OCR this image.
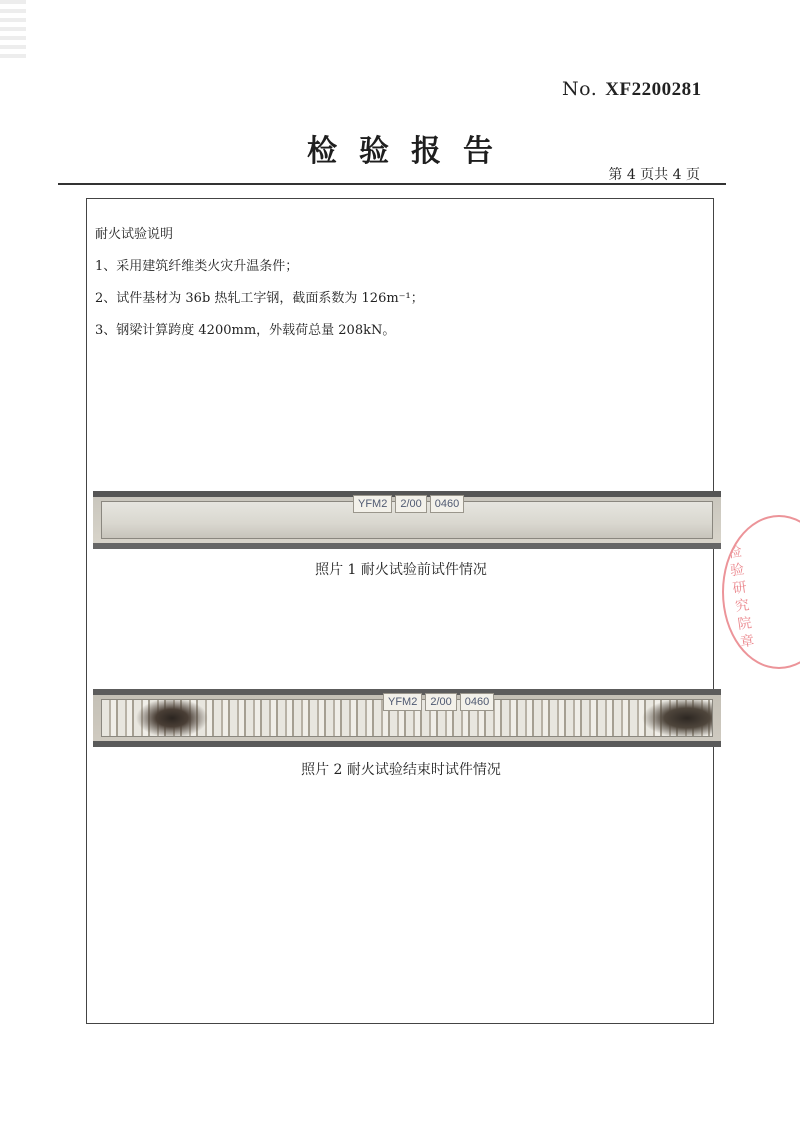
No. XF2200281
检验报告
第 4 页共 4 页
耐火试验说明
1、采用建筑纤维类火灾升温条件；
2、试件基材为 36b 热轧工字钢，截面系数为 126m⁻¹；
3、钢梁计算跨度 4200mm，外载荷总量 208kN。
YFM2	2/00	0460
照片 1 耐火试验前试件情况
YFM2	2/00	0460
照片 2 耐火试验结束时试件情况
检验研究院章
